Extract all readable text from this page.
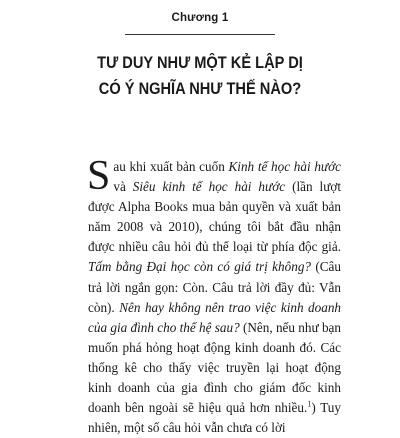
Chương 1
TƯ DUY NHƯ MỘT KẺ LẬP DỊ
CÓ Ý NGHĨA NHƯ THẾ NÀO?
Sau khi xuất bản cuốn Kinh tế học hài hước và Siêu kinh tế học hài hước (lần lượt được Alpha Books mua bản quyền và xuất bản năm 2008 và 2010), chúng tôi bắt đầu nhận được nhiều câu hỏi đủ thể loại từ phía độc giả. Tấm bằng Đại học còn có giá trị không? (Câu trả lời ngắn gọn: Còn. Câu trả lời đầy đủ: Vẫn còn). Nên hay không nên trao việc kinh doanh của gia đình cho thế hệ sau? (Nên, nếu như bạn muốn phá hỏng hoạt động kinh doanh đó. Các thống kê cho thấy việc truyền lại hoạt động kinh doanh của gia đình cho giám đốc kinh doanh bên ngoài sẽ hiệu quả hơn nhiều.$^1$) Tuy nhiên, một số câu hỏi vẫn chưa có lời
